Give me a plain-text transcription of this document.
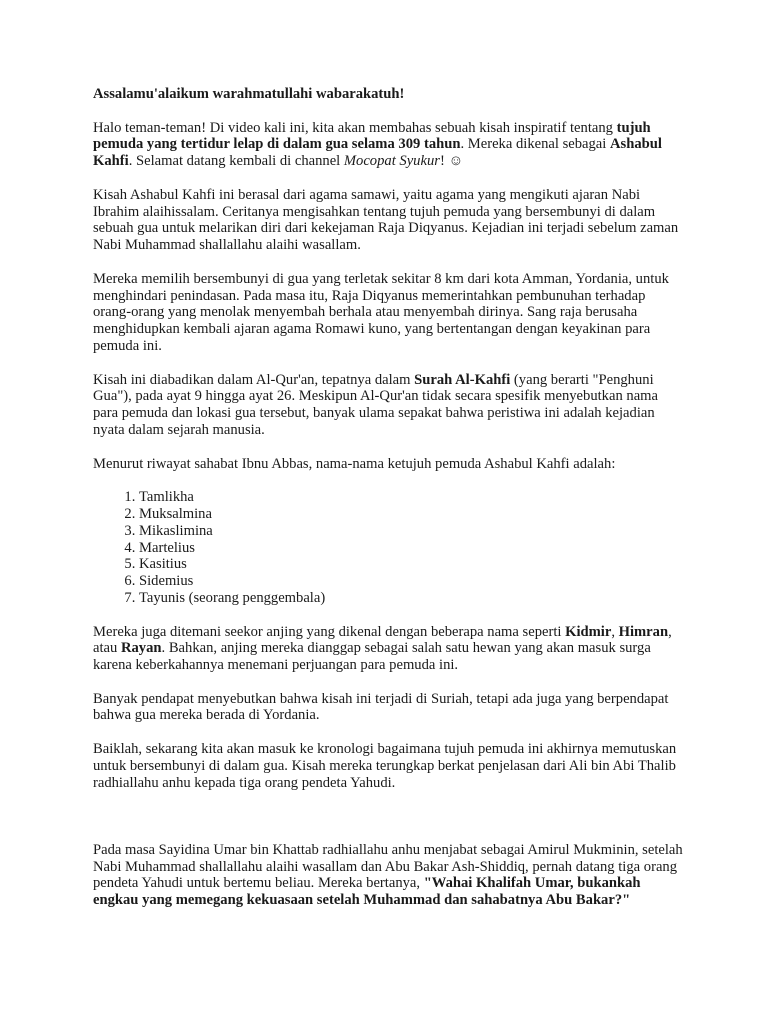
Assalamu'alaikum warahmatullahi wabarakatuh!

Halo teman-teman! Di video kali ini, kita akan membahas sebuah kisah inspiratif tentang tujuh pemuda yang tertidur lelap di dalam gua selama 309 tahun. Mereka dikenal sebagai Ashabul Kahfi. Selamat datang kembali di channel Mocopat Syukur! ☺

Kisah Ashabul Kahfi ini berasal dari agama samawi, yaitu agama yang mengikuti ajaran Nabi Ibrahim alaihissalam. Ceritanya mengisahkan tentang tujuh pemuda yang bersembunyi di dalam sebuah gua untuk melarikan diri dari kekejaman Raja Diqyanus. Kejadian ini terjadi sebelum zaman Nabi Muhammad shallallahu alaihi wasallam.

Mereka memilih bersembunyi di gua yang terletak sekitar 8 km dari kota Amman, Yordania, untuk menghindari penindasan. Pada masa itu, Raja Diqyanus memerintahkan pembunuhan terhadap orang-orang yang menolak menyembah berhala atau menyembah dirinya. Sang raja berusaha menghidupkan kembali ajaran agama Romawi kuno, yang bertentangan dengan keyakinan para pemuda ini.

Kisah ini diabadikan dalam Al-Qur'an, tepatnya dalam Surah Al-Kahfi (yang berarti "Penghuni Gua"), pada ayat 9 hingga ayat 26. Meskipun Al-Qur'an tidak secara spesifik menyebutkan nama para pemuda dan lokasi gua tersebut, banyak ulama sepakat bahwa peristiwa ini adalah kejadian nyata dalam sejarah manusia.

Menurut riwayat sahabat Ibnu Abbas, nama-nama ketujuh pemuda Ashabul Kahfi adalah:

1. Tamlikha
2. Muksalmina
3. Mikaslimina
4. Martelius
5. Kasitius
6. Sidemius
7. Tayunis (seorang penggembala)

Mereka juga ditemani seekor anjing yang dikenal dengan beberapa nama seperti Kidmir, Himran, atau Rayan. Bahkan, anjing mereka dianggap sebagai salah satu hewan yang akan masuk surga karena keberkahannya menemani perjuangan para pemuda ini.

Banyak pendapat menyebutkan bahwa kisah ini terjadi di Suriah, tetapi ada juga yang berpendapat bahwa gua mereka berada di Yordania.

Baiklah, sekarang kita akan masuk ke kronologi bagaimana tujuh pemuda ini akhirnya memutuskan untuk bersembunyi di dalam gua. Kisah mereka terungkap berkat penjelasan dari Ali bin Abi Thalib radhiallahu anhu kepada tiga orang pendeta Yahudi.

Pada masa Sayidina Umar bin Khattab radhiallahu anhu menjabat sebagai Amirul Mukminin, setelah Nabi Muhammad shallallahu alaihi wasallam dan Abu Bakar Ash-Shiddiq, pernah datang tiga orang pendeta Yahudi untuk bertemu beliau. Mereka bertanya, "Wahai Khalifah Umar, bukankah engkau yang memegang kekuasaan setelah Muhammad dan sahabatnya Abu Bakar?"
